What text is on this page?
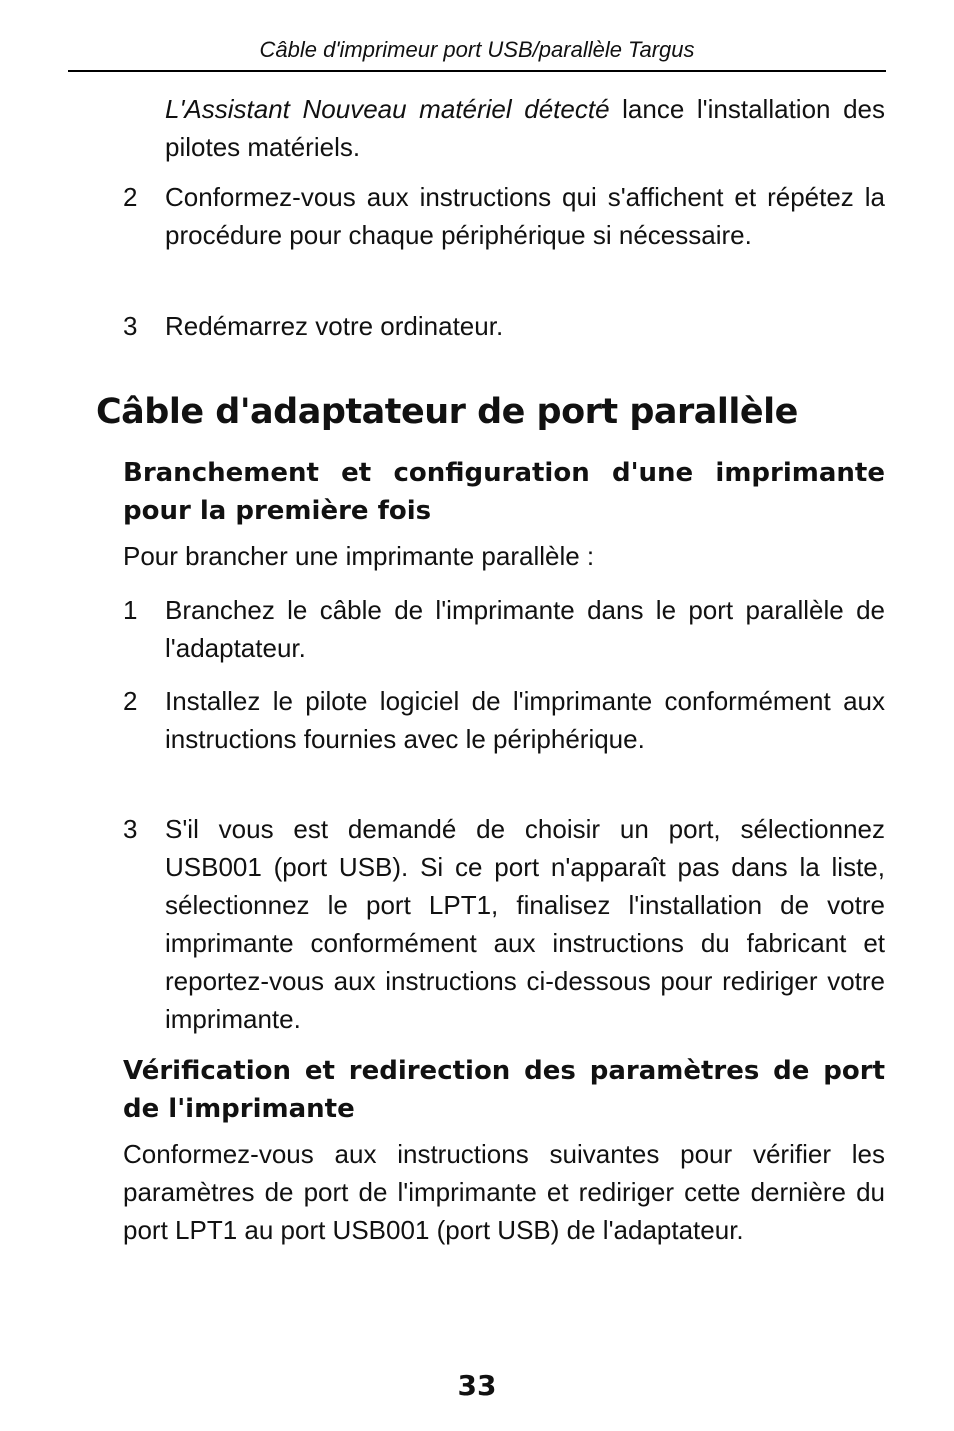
Câble d'imprimeur port USB/parallèle Targus
L'Assistant Nouveau matériel détecté lance l'installation des pilotes matériels.
2	Conformez-vous aux instructions qui s'affichent et répétez la procédure pour chaque périphérique si nécessaire.
3	Redémarrez votre ordinateur.
Câble d'adaptateur de port parallèle
Branchement et configuration d'une imprimante pour la première fois
Pour brancher une imprimante parallèle :
1	Branchez le câble de l'imprimante dans le port parallèle de l'adaptateur.
2	Installez le pilote logiciel de l'imprimante conformément aux instructions fournies avec le périphérique.
3	S'il vous est demandé de choisir un port, sélectionnez USB001 (port USB). Si ce port n'apparaît pas dans la liste, sélectionnez le port LPT1, finalisez l'installation de votre imprimante conformément aux instructions du fabricant et reportez-vous aux instructions ci-dessous pour rediriger votre imprimante.
Vérification et redirection des paramètres de port de l'imprimante
Conformez-vous aux instructions suivantes pour vérifier les paramètres de port de l'imprimante et rediriger cette dernière du port LPT1 au port USB001 (port USB) de l'adaptateur.
33
